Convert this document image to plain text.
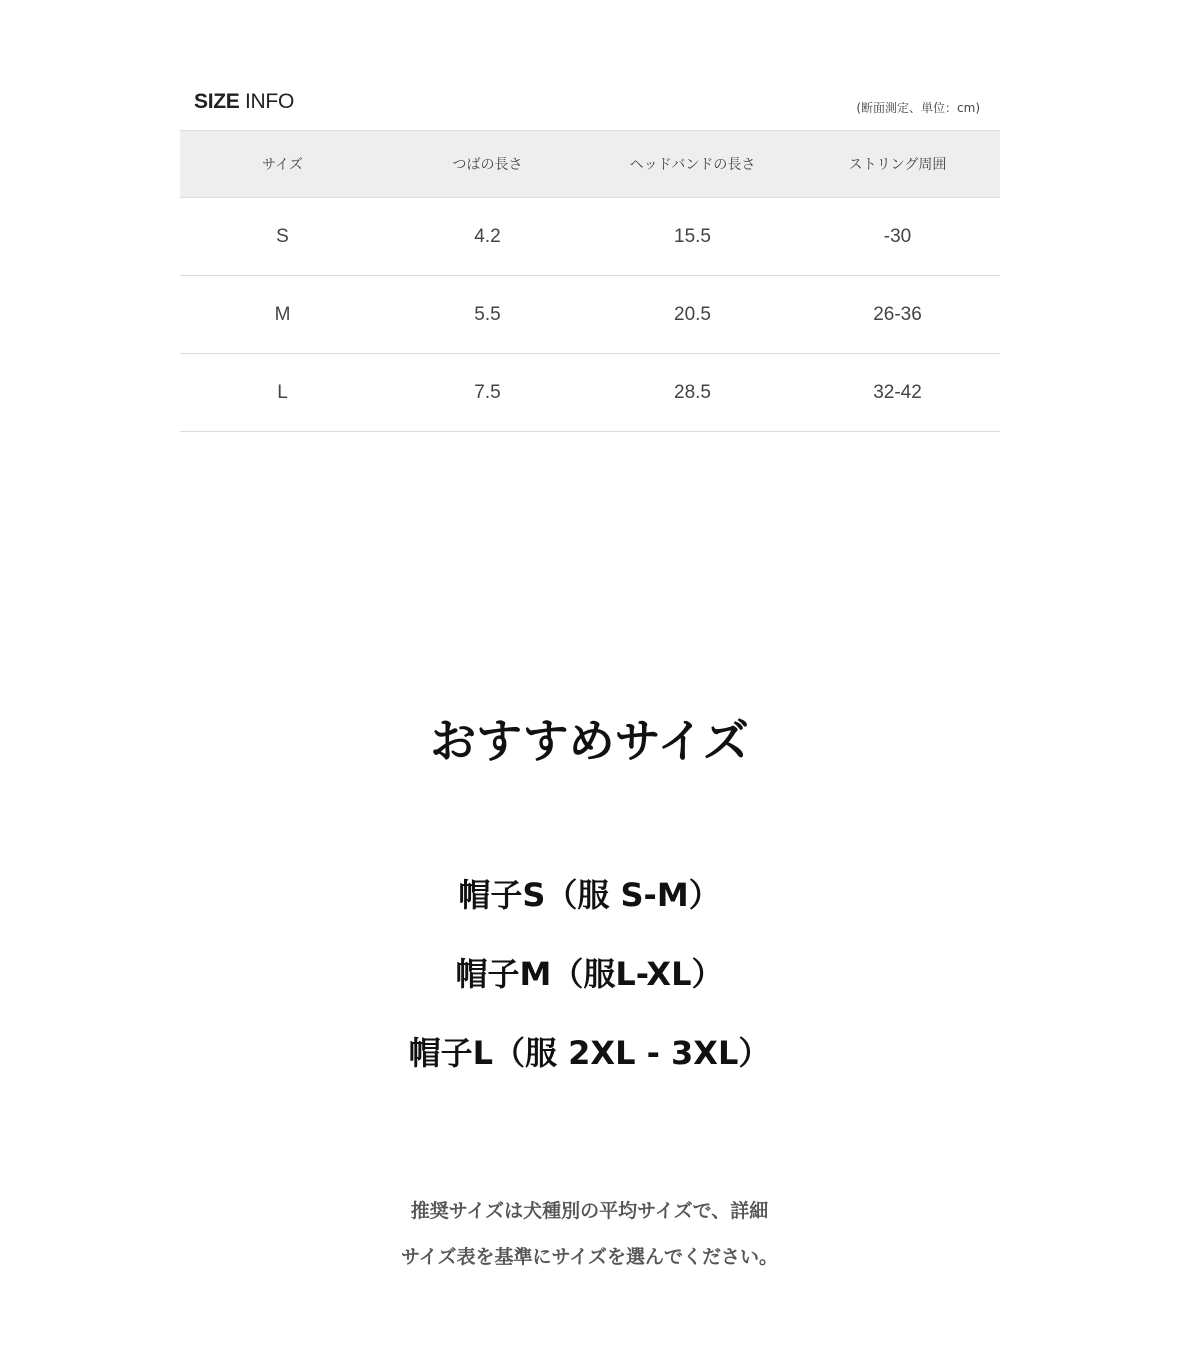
SIZE INFO	(断面測定、単位：cm)
サイズ	つばの長さ	ヘッドバンドの長さ	ストリング周囲
S	4.2	15.5	-30
M	5.5	20.5	26-36
L	7.5	28.5	32-42
おすすめサイズ
帽子S（服 S-M）
帽子M（服L-XL）
帽子L（服 2XL - 3XL）
推奨サイズは犬種別の平均サイズで、詳細
サイズ表を基準にサイズを選んでください。
